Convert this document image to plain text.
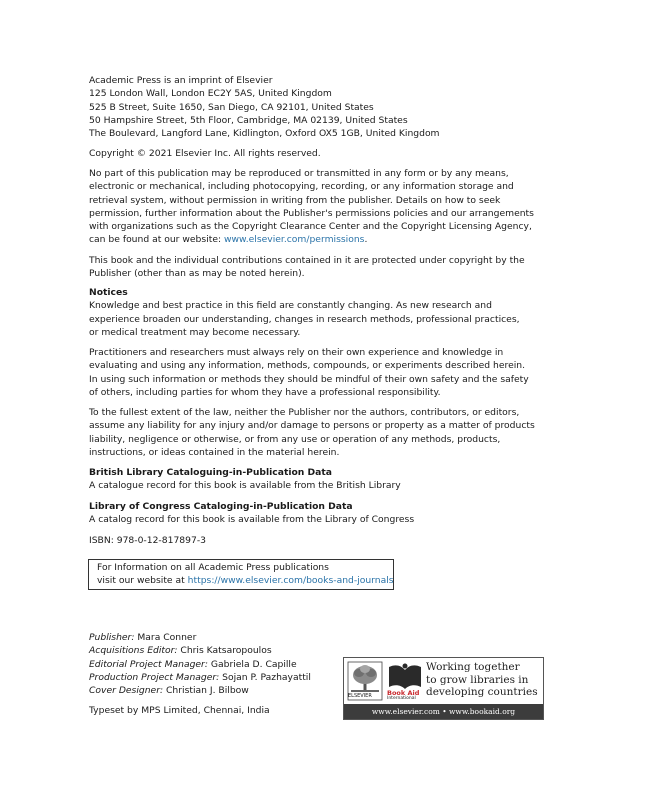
Academic Press is an imprint of Elsevier
125 London Wall, London EC2Y 5AS, United Kingdom
525 B Street, Suite 1650, San Diego, CA 92101, United States
50 Hampshire Street, 5th Floor, Cambridge, MA 02139, United States
The Boulevard, Langford Lane, Kidlington, Oxford OX5 1GB, United Kingdom
Copyright © 2021 Elsevier Inc. All rights reserved.
No part of this publication may be reproduced or transmitted in any form or by any means,
electronic or mechanical, including photocopying, recording, or any information storage and
retrieval system, without permission in writing from the publisher. Details on how to seek
permission, further information about the Publisher's permissions policies and our arrangements
with organizations such as the Copyright Clearance Center and the Copyright Licensing Agency,
can be found at our website: www.elsevier.com/permissions.
This book and the individual contributions contained in it are protected under copyright by the
Publisher (other than as may be noted herein).
Notices
Knowledge and best practice in this field are constantly changing. As new research and
experience broaden our understanding, changes in research methods, professional practices,
or medical treatment may become necessary.
Practitioners and researchers must always rely on their own experience and knowledge in
evaluating and using any information, methods, compounds, or experiments described herein.
In using such information or methods they should be mindful of their own safety and the safety
of others, including parties for whom they have a professional responsibility.
To the fullest extent of the law, neither the Publisher nor the authors, contributors, or editors,
assume any liability for any injury and/or damage to persons or property as a matter of products
liability, negligence or otherwise, or from any use or operation of any methods, products,
instructions, or ideas contained in the material herein.
British Library Cataloguing-in-Publication Data
A catalogue record for this book is available from the British Library
Library of Congress Cataloging-in-Publication Data
A catalog record for this book is available from the Library of Congress
ISBN: 978-0-12-817897-3
For Information on all Academic Press publications
visit our website at https://www.elsevier.com/books-and-journals
Publisher: Mara Conner
Acquisitions Editor: Chris Katsaropoulos
Editorial Project Manager: Gabriela D. Capille
Production Project Manager: Sojan P. Pazhayattil
Cover Designer: Christian J. Bilbow
Typeset by MPS Limited, Chennai, India
ELSEVIER Book Aid
International
Working together
to grow libraries in
developing countries
www.elsevier.com • www.bookaid.org
